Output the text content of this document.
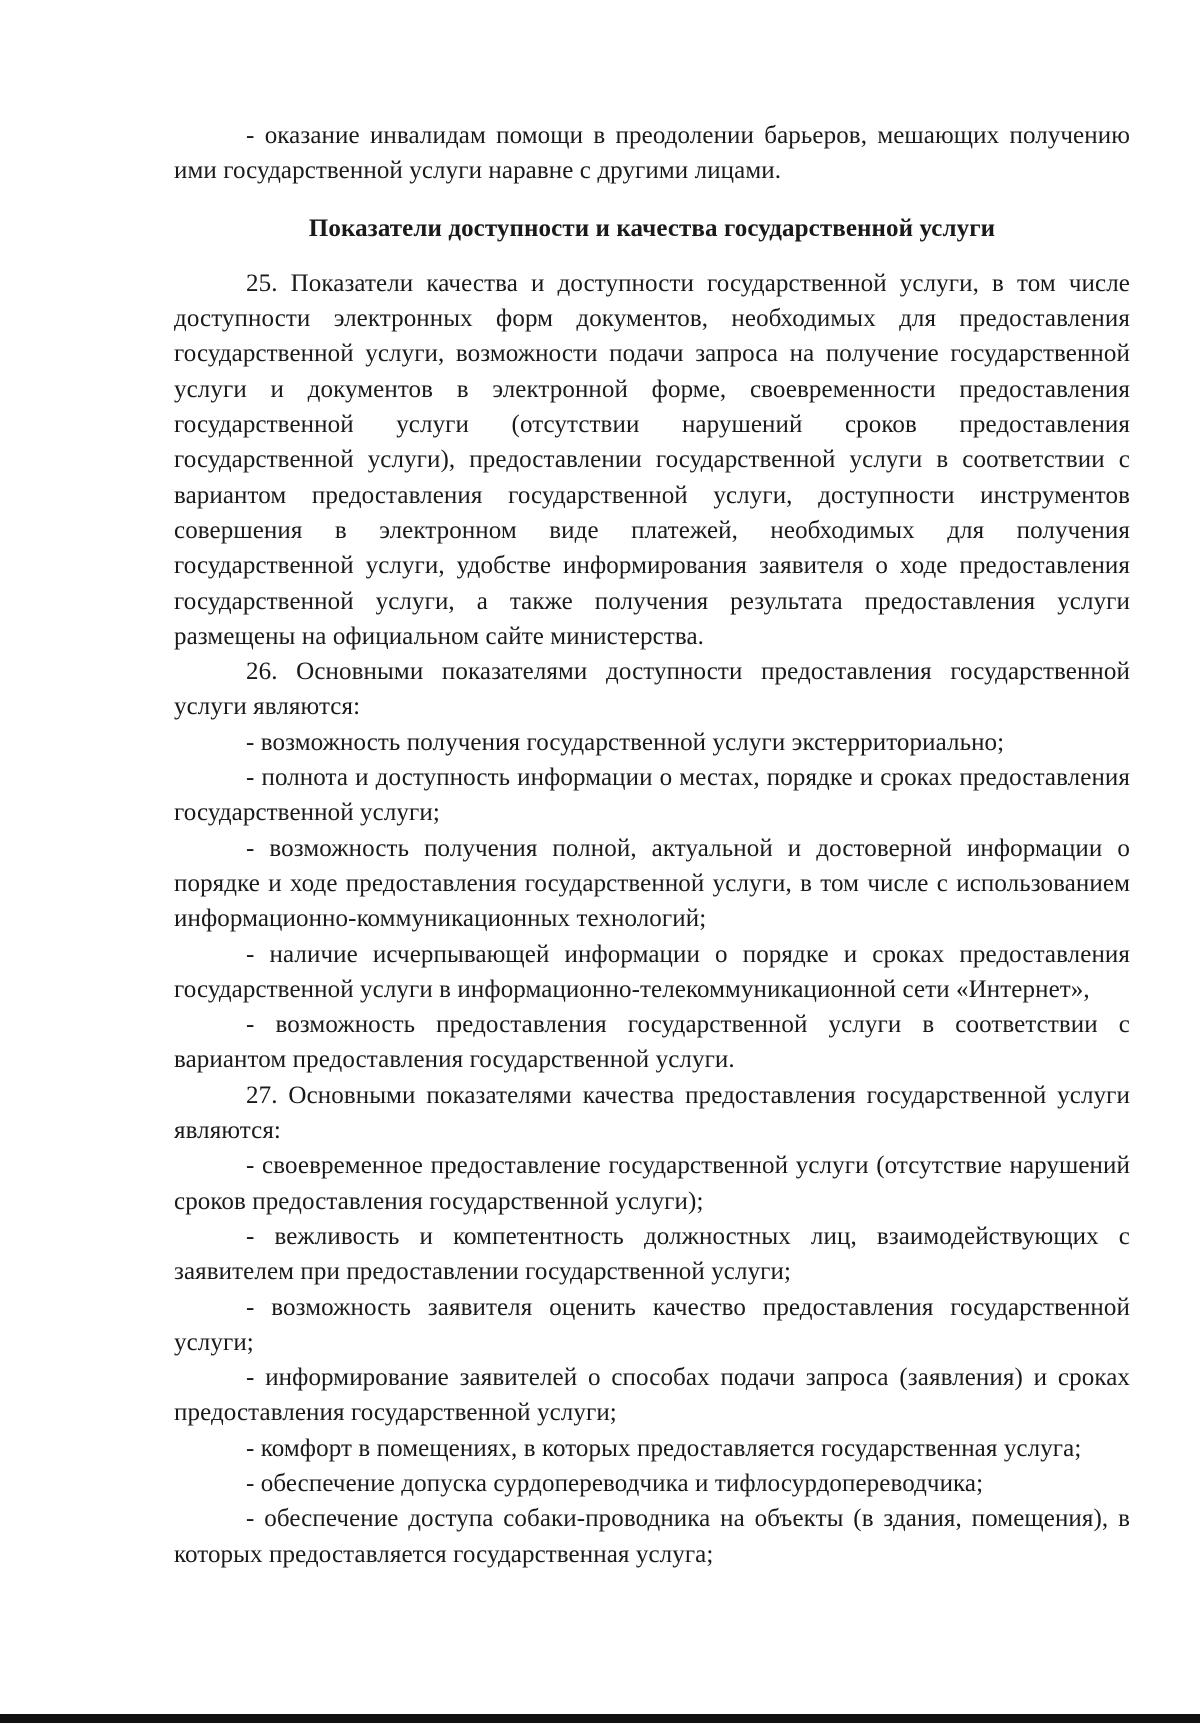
- оказание инвалидам помощи в преодолении барьеров, мешающих получению ими государственной услуги наравне с другими лицами.

Показатели доступности и качества государственной услуги

25. Показатели качества и доступности государственной услуги, в том числе доступности электронных форм документов, необходимых для предоставления государственной услуги, возможности подачи запроса на получение государственной услуги и документов в электронной форме, своевременности предоставления государственной услуги (отсутствии нарушений сроков предоставления государственной услуги), предоставлении государственной услуги в соответствии с вариантом предоставления государственной услуги, доступности инструментов совершения в электронном виде платежей, необходимых для получения государственной услуги, удобстве информирования заявителя о ходе предоставления государственной услуги, а также получения результата предоставления услуги размещены на официальном сайте министерства.

26. Основными показателями доступности предоставления государственной услуги являются:

- возможность получения государственной услуги экстерриториально;

- полнота и доступность информации о местах, порядке и сроках предоставления государственной услуги;

- возможность получения полной, актуальной и достоверной информации о порядке и ходе предоставления государственной услуги, в том числе с использованием информационно-коммуникационных технологий;

- наличие исчерпывающей информации о порядке и сроках предоставления государственной услуги в информационно-телекоммуникационной сети «Интернет»,

- возможность предоставления государственной услуги в соответствии с вариантом предоставления государственной услуги.

27. Основными показателями качества предоставления государственной услуги являются:

- своевременное предоставление государственной услуги (отсутствие нарушений сроков предоставления государственной услуги);

- вежливость и компетентность должностных лиц, взаимодействующих с заявителем при предоставлении государственной услуги;

- возможность заявителя оценить качество предоставления государственной услуги;

- информирование заявителей о способах подачи запроса (заявления) и сроках предоставления государственной услуги;

- комфорт в помещениях, в которых предоставляется государственная услуга;

- обеспечение допуска сурдопереводчика и тифлосурдопереводчика;

- обеспечение доступа собаки-проводника на объекты (в здания, помещения), в которых предоставляется государственная услуга;
